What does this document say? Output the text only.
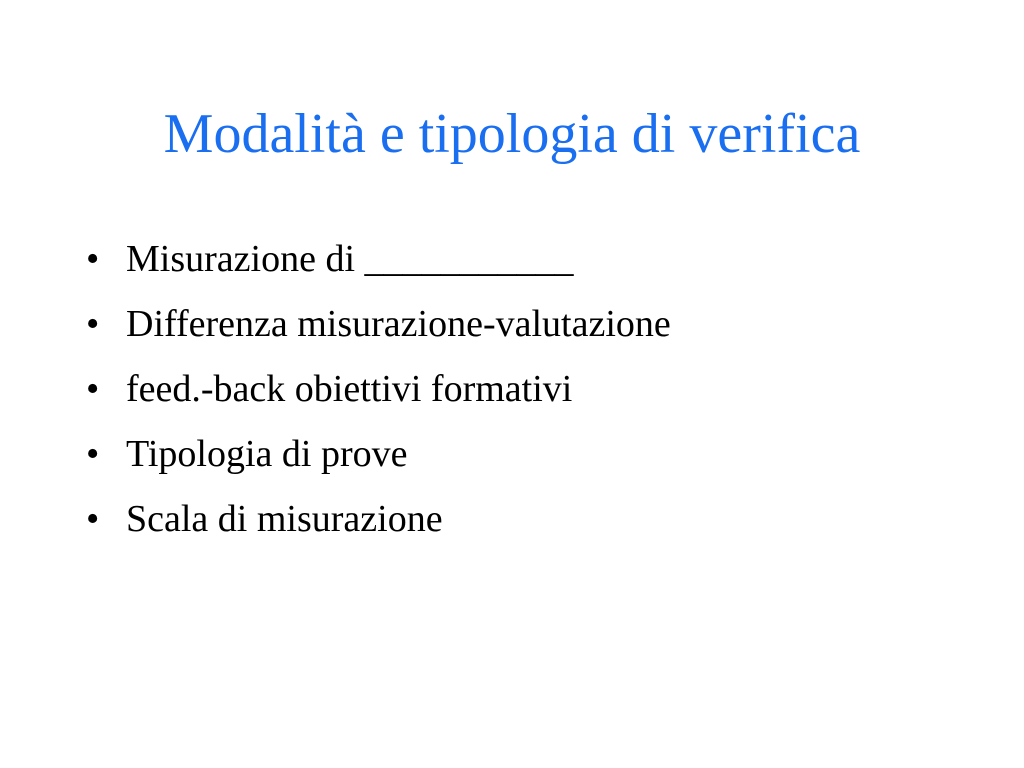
Modalità e tipologia di verifica
• Misurazione di ___________
• Differenza misurazione-valutazione
• feed.-back obiettivi formativi
• Tipologia di prove
• Scala di misurazione
